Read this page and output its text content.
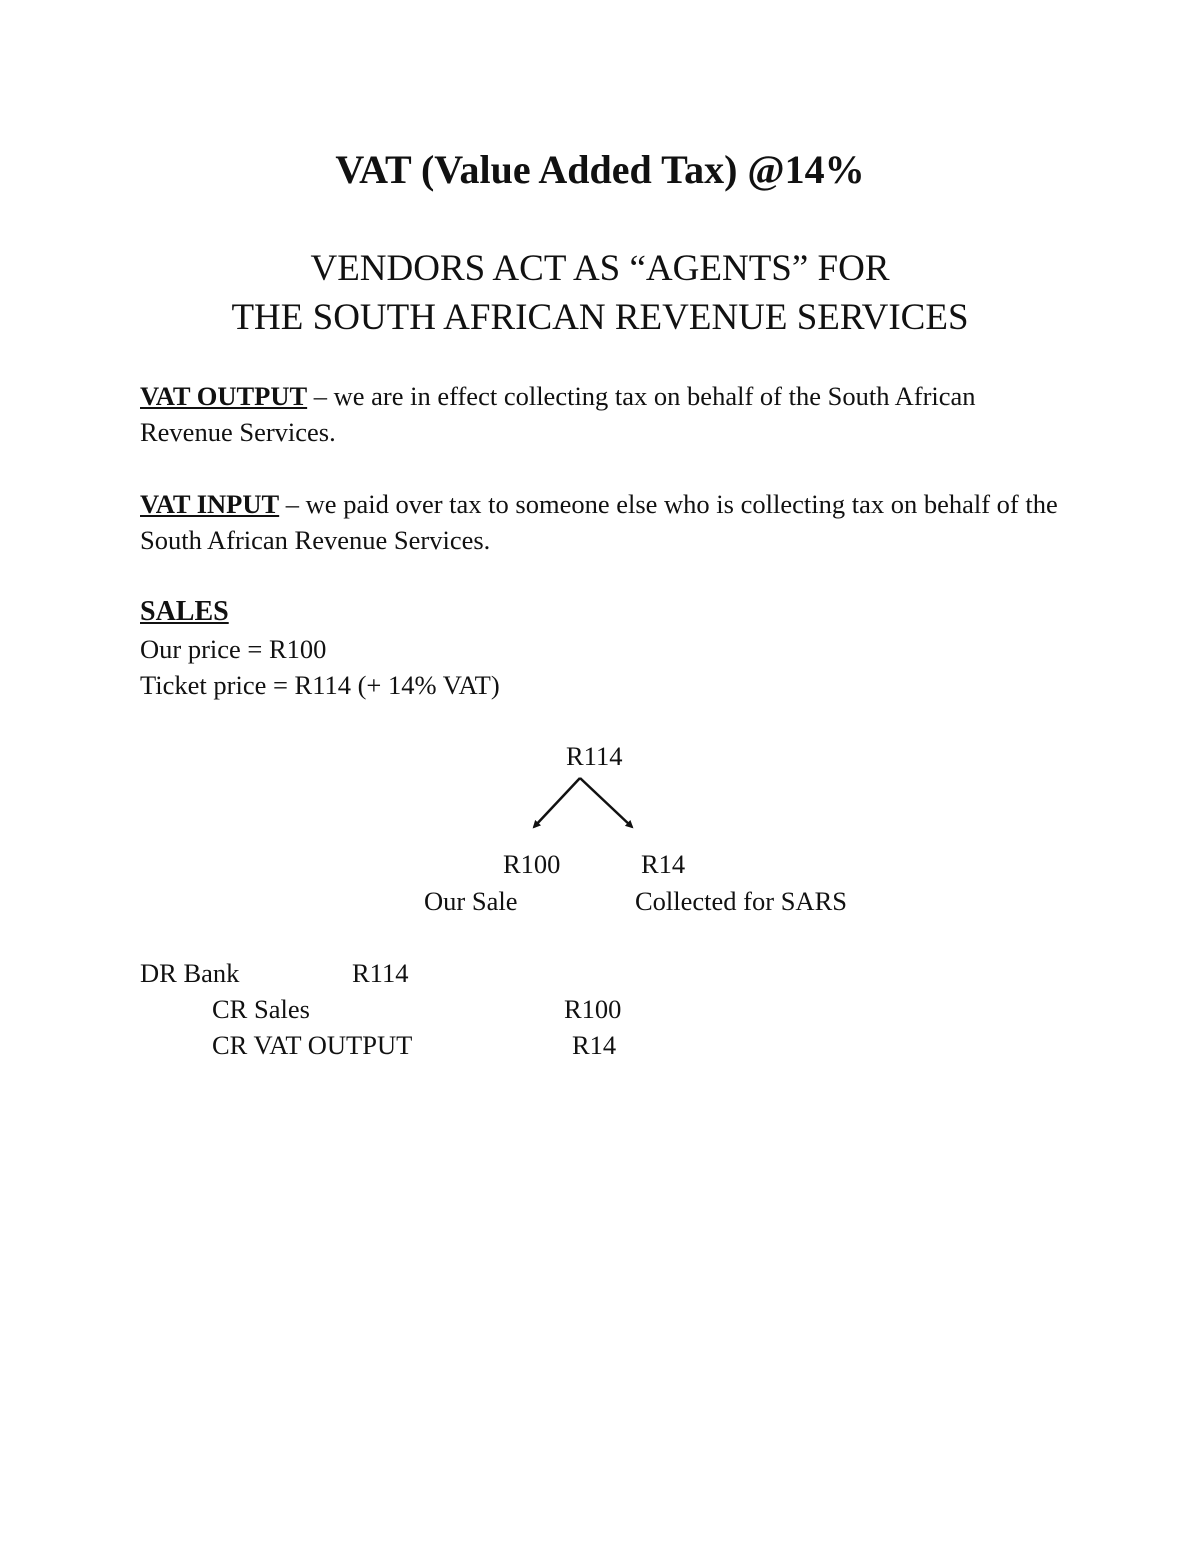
VAT (Value Added Tax) @14%
VENDORS ACT AS “AGENTS” FOR
THE SOUTH AFRICAN REVENUE SERVICES
VAT OUTPUT – we are in effect collecting tax on behalf of the South African Revenue Services.
VAT INPUT – we paid over tax to someone else who is collecting tax on behalf of the South African Revenue Services.
SALES
Our price = R100
Ticket price = R114 (+ 14% VAT)
R114
R100	R14
Our Sale	Collected for SARS
DR Bank	R114
CR Sales	R100
CR VAT OUTPUT	R14
